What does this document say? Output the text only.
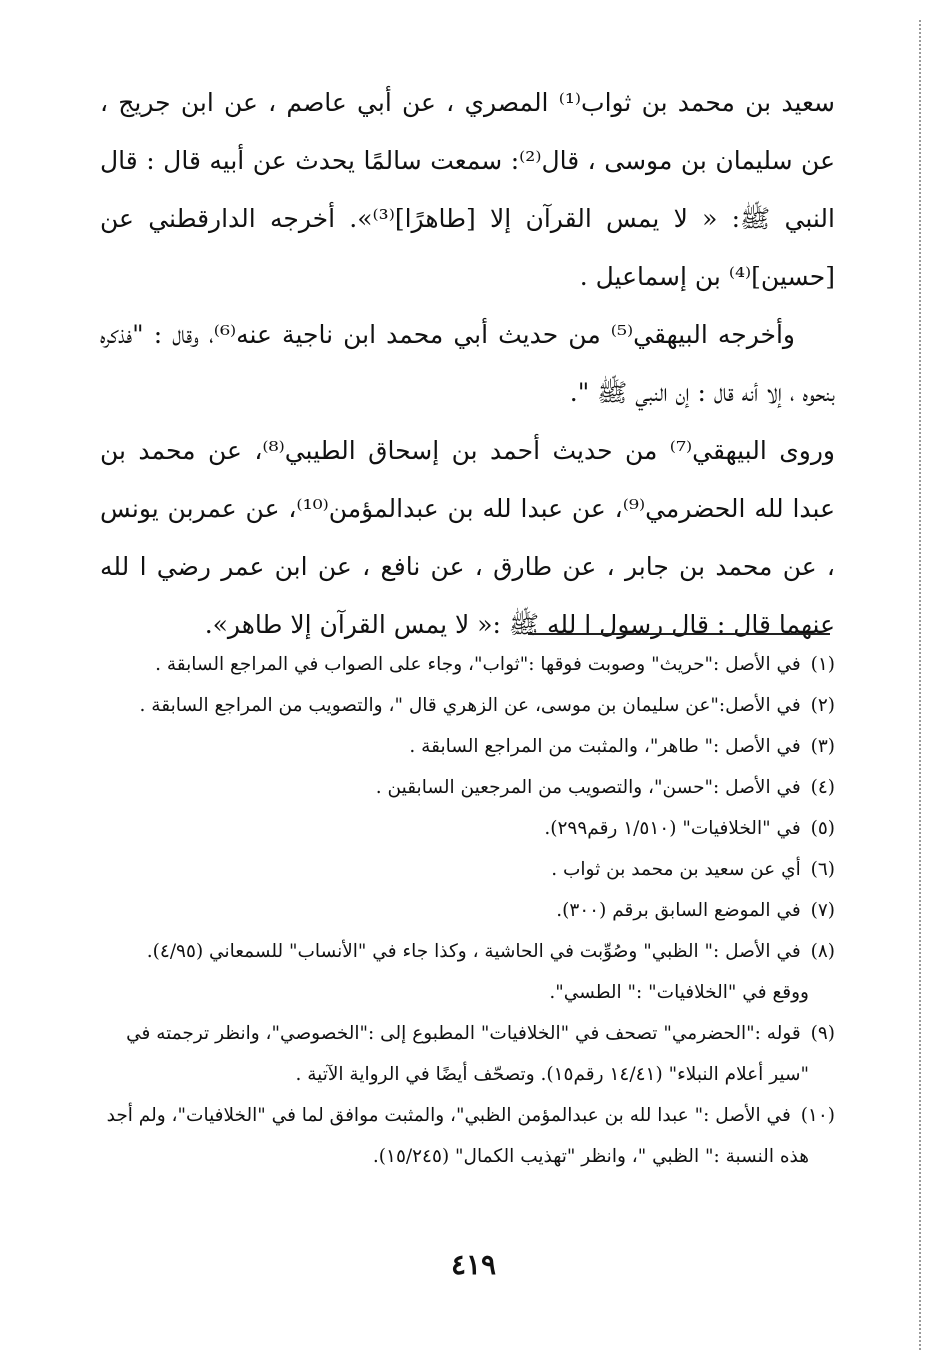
سعيد بن محمد بن ثواب⁽¹⁾ المصري ، عن أبي عاصم ، عن ابن جريج ، عن سليمان بن موسى ، قال⁽²⁾: سمعت سالمًا يحدث عن أبيه قال : قال النبي ﷺ: « لا يمس القرآن إلا [طاهرًا]⁽³⁾». أخرجه الدارقطني عن [حسين]⁽⁴⁾ بن إسماعيل .

وأخرجه البيهقي⁽⁵⁾ من حديث أبي محمد ابن ناجية عنه⁽⁶⁾، وقال : "فذكره بنحوه ، إلا أنه قال : إن النبي ﷺ ".

وروى البيهقي⁽⁷⁾ من حديث أحمد بن إسحاق الطيبي⁽⁸⁾، عن محمد بن عبدا لله الحضرمي⁽⁹⁾، عن عبدا لله بن عبدالمؤمن⁽¹⁰⁾، عن عمربن يونس ، عن محمد بن جابر ، عن طارق ، عن نافع ، عن ابن عمر رضي ا لله عنهما قال : قال رسول ا لله ﷺ :« لا يمس القرآن إلا طاهر».

(١) في الأصل :"حريث" وصوبت فوقها :"ثواب"، وجاء على الصواب في المراجع السابقة .

(٢) في الأصل:"عن سليمان بن موسى، عن الزهري قال "، والتصويب من المراجع السابقة .

(٣) في الأصل :" طاهر"، والمثبت من المراجع السابقة .

(٤) في الأصل :"حسن"، والتصويب من المرجعين السابقين .

(٥) في "الخلافيات" (١/٥١٠ رقم٢٩٩).

(٦) أي عن سعيد بن محمد بن ثواب .

(٧) في الموضع السابق برقم (٣٠٠).

(٨) في الأصل :" الظبي" وصُوِّبت في الحاشية ، وكذا جاء في "الأنساب" للسمعاني (٤/٩٥).
ووقع في "الخلافيات" :" الطسي".

(٩) قوله :"الحضرمي" تصحف في "الخلافيات" المطبوع إلى :"الخصوصي"، وانظر ترجمته في
"سير أعلام النبلاء" (١٤/٤١ رقم١٥). وتصحّف أيضًا في الرواية الآتية .

(١٠) في الأصل :" عبدا لله بن عبدالمؤمن الظبي"، والمثبت موافق لما في "الخلافيات"، ولم أجد
هذه النسبة :" الظبي "، وانظر "تهذيب الكمال" (١٥/٢٤٥).

٤١٩
